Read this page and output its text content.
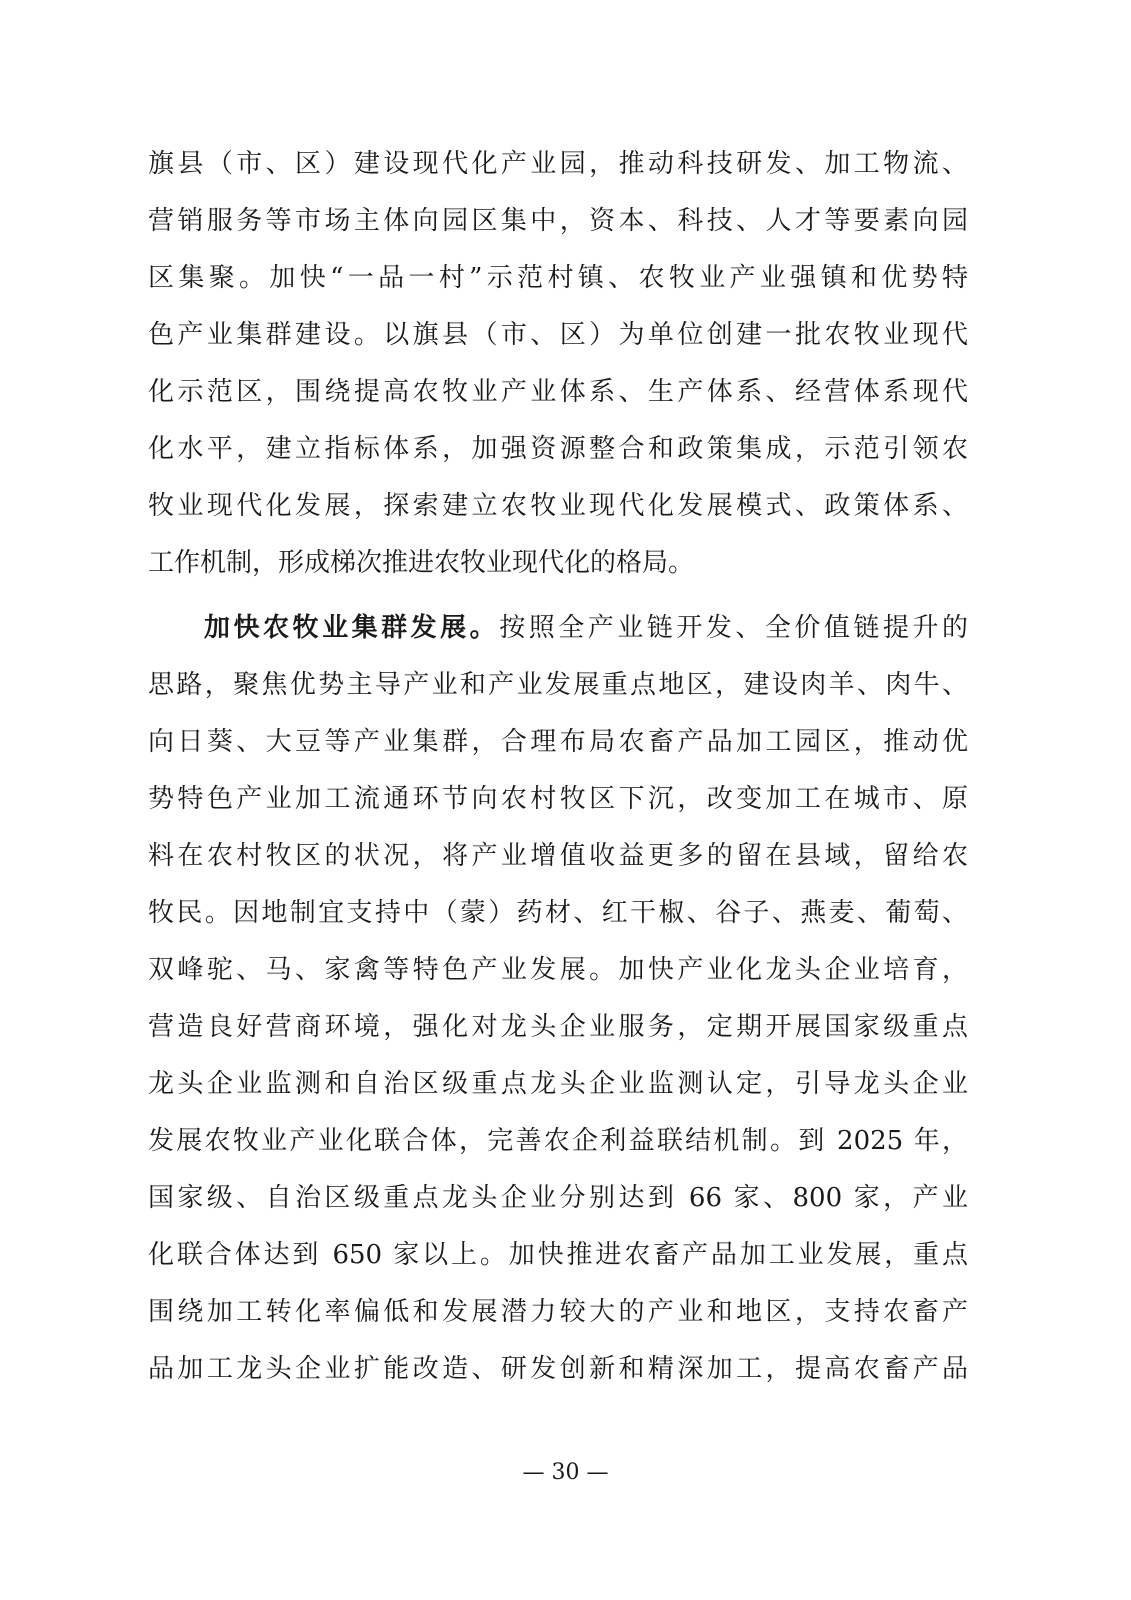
旗县（市、区）建设现代化产业园，推动科技研发、加工物流、
营销服务等市场主体向园区集中，资本、科技、人才等要素向园
区集聚。加快“一品一村”示范村镇、农牧业产业强镇和优势特
色产业集群建设。以旗县（市、区）为单位创建一批农牧业现代
化示范区，围绕提高农牧业产业体系、生产体系、经营体系现代
化水平，建立指标体系，加强资源整合和政策集成，示范引领农
牧业现代化发展，探索建立农牧业现代化发展模式、政策体系、
工作机制，形成梯次推进农牧业现代化的格局。
加快农牧业集群发展。按照全产业链开发、全价值链提升的
思路，聚焦优势主导产业和产业发展重点地区，建设肉羊、肉牛、
向日葵、大豆等产业集群，合理布局农畜产品加工园区，推动优
势特色产业加工流通环节向农村牧区下沉，改变加工在城市、原
料在农村牧区的状况，将产业增值收益更多的留在县域，留给农
牧民。因地制宜支持中（蒙）药材、红干椒、谷子、燕麦、葡萄、
双峰驼、马、家禽等特色产业发展。加快产业化龙头企业培育，
营造良好营商环境，强化对龙头企业服务，定期开展国家级重点
龙头企业监测和自治区级重点龙头企业监测认定，引导龙头企业
发展农牧业产业化联合体，完善农企利益联结机制。到 2025 年，
国家级、自治区级重点龙头企业分别达到 66 家、800 家，产业
化联合体达到 650 家以上。加快推进农畜产品加工业发展，重点
围绕加工转化率偏低和发展潜力较大的产业和地区，支持农畜产
品加工龙头企业扩能改造、研发创新和精深加工，提高农畜产品
— 30 —
